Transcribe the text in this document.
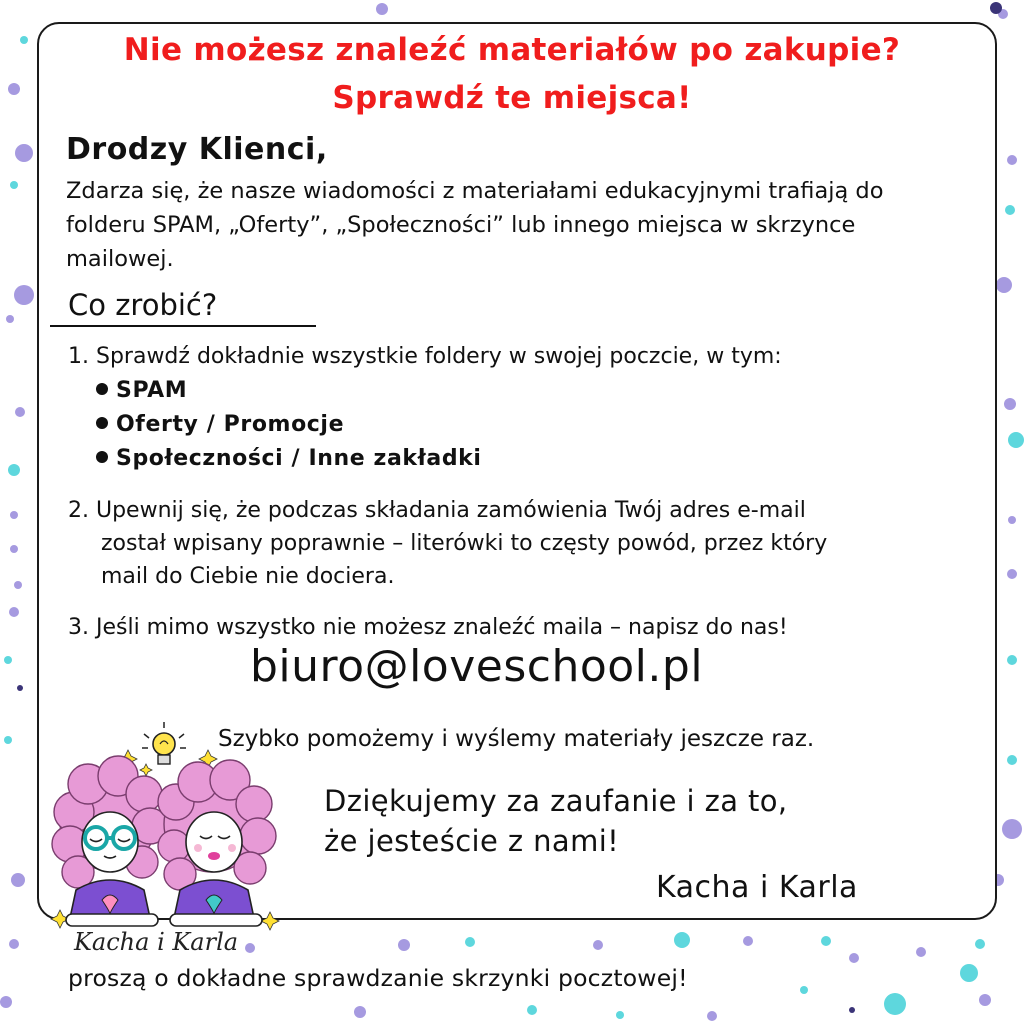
Nie możesz znaleźć materiałów po zakupie?
Sprawdź te miejsca!
Drodzy Klienci,
Zdarza się, że nasze wiadomości z materiałami edukacyjnymi trafiają do folderu SPAM, „Oferty”, „Społeczności” lub innego miejsca w skrzynce mailowej.
Co zrobić?
1. Sprawdź dokładnie wszystkie foldery w swojej poczcie, w tym:
SPAM
Oferty / Promocje
Społeczności / Inne zakładki
2. Upewnij się, że podczas składania zamówienia Twój adres e-mail
został wpisany poprawnie – literówki to częsty powód, przez który
mail do Ciebie nie dociera.
3. Jeśli mimo wszystko nie możesz znaleźć maila – napisz do nas!
biuro@loveschool.pl
Szybko pomożemy i wyślemy materiały jeszcze raz.
Dziękujemy za zaufanie i za to,
że jesteście z nami!
Kacha i Karla
Kacha i Karla
proszą o dokładne sprawdzanie skrzynki pocztowej!
